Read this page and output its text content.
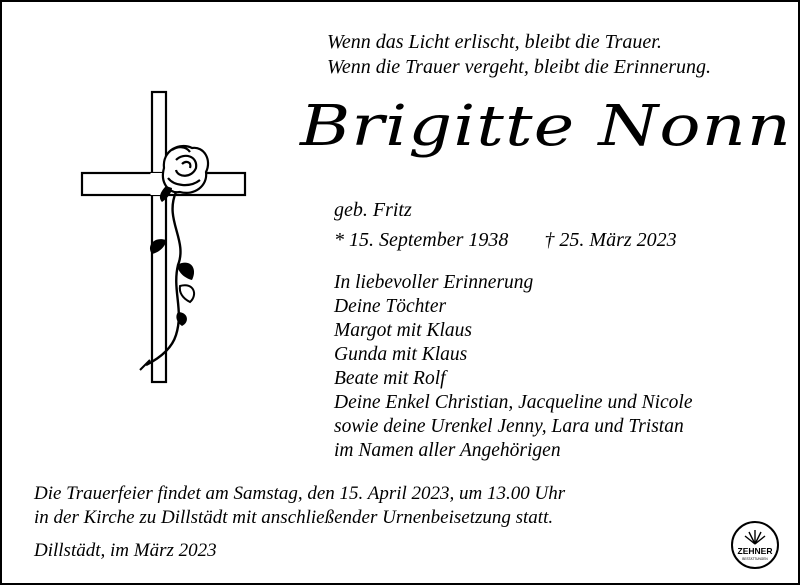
Wenn das Licht erlischt, bleibt die Trauer.
Wenn die Trauer vergeht, bleibt die Erinnerung.
Brigitte Nonn
geb. Fritz
* 15. September 1938 † 25. März 2023
In liebevoller Erinnerung
Deine Töchter
Margot mit Klaus
Gunda mit Klaus
Beate mit Rolf
Deine Enkel Christian, Jacqueline und Nicole
sowie deine Urenkel Jenny, Lara und Tristan
im Namen aller Angehörigen
Die Trauerfeier findet am Samstag, den 15. April 2023, um 13.00 Uhr
in der Kirche zu Dillstädt mit anschließender Urnenbeisetzung statt.
Dillstädt, im März 2023	ZEHNER
BESTATTUNGEN
